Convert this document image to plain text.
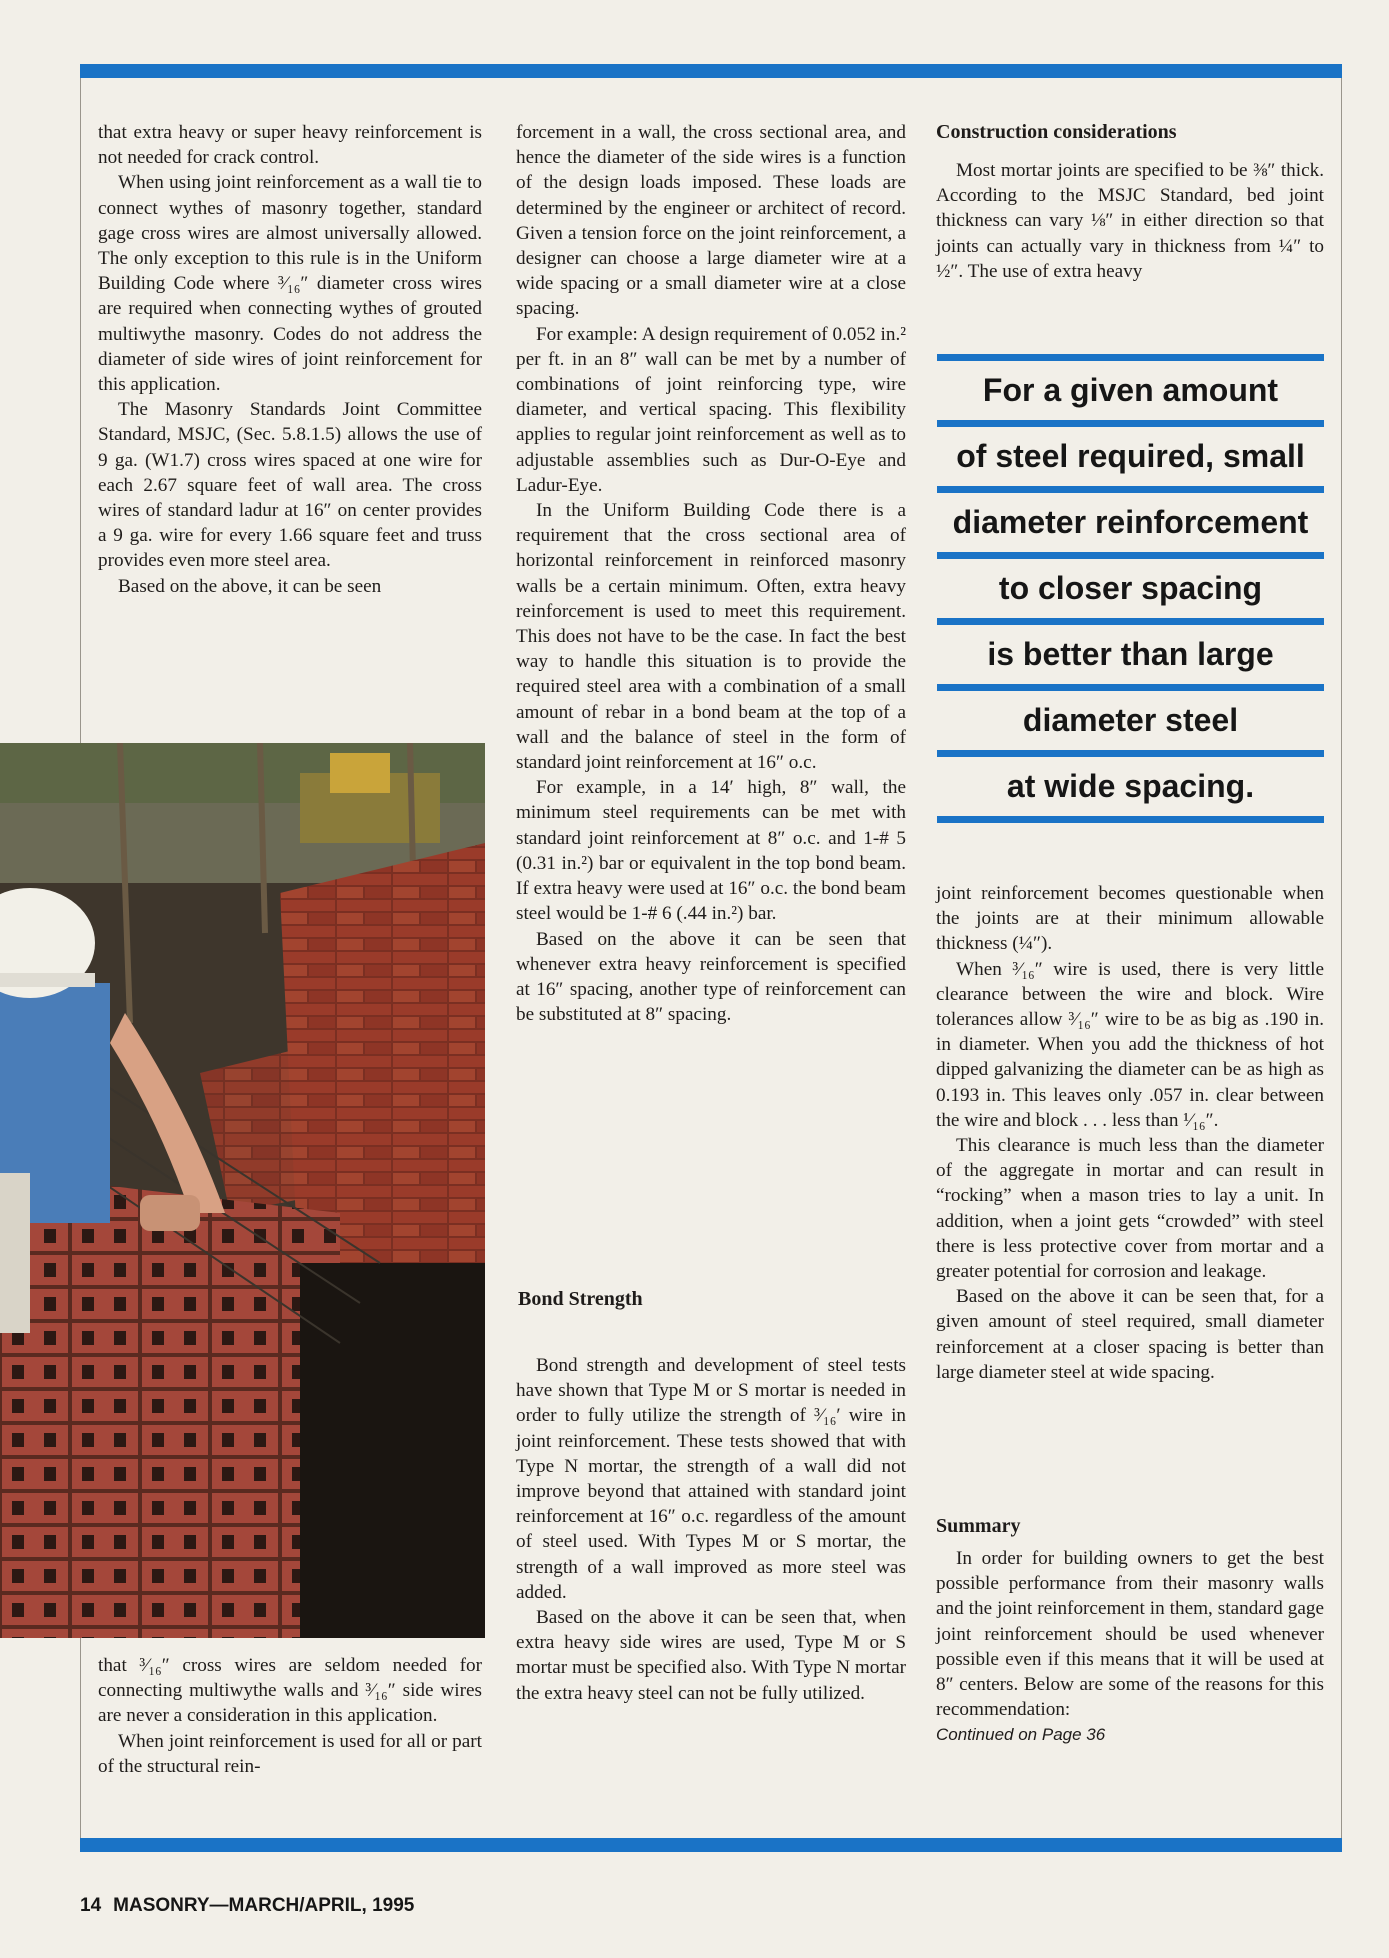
that extra heavy or super heavy reinforcement is not needed for crack control.

When using joint reinforcement as a wall tie to connect wythes of masonry together, standard gage cross wires are almost universally allowed. The only exception to this rule is in the Uniform Building Code where ³⁄₁₆″ diameter cross wires are required when connecting wythes of grouted multiwythe masonry. Codes do not address the diameter of side wires of joint reinforcement for this application.

The Masonry Standards Joint Committee Standard, MSJC, (Sec. 5.8.1.5) allows the use of 9 ga. (W1.7) cross wires spaced at one wire for each 2.67 square feet of wall area. The cross wires of standard ladur at 16″ on center provides a 9 ga. wire for every 1.66 square feet and truss provides even more steel area.

Based on the above, it can be seen

that ³⁄₁₆″ cross wires are seldom needed for connecting multiwythe walls and ³⁄₁₆″ side wires are never a consideration in this application.

When joint reinforcement is used for all or part of the structural rein-

forcement in a wall, the cross sectional area, and hence the diameter of the side wires is a function of the design loads imposed. These loads are determined by the engineer or architect of record. Given a tension force on the joint reinforcement, a designer can choose a large diameter wire at a wide spacing or a small diameter wire at a close spacing.

For example: A design requirement of 0.052 in.² per ft. in an 8″ wall can be met by a number of combinations of joint reinforcing type, wire diameter, and vertical spacing. This flexibility applies to regular joint reinforcement as well as to adjustable assemblies such as Dur-O-Eye and Ladur-Eye.

In the Uniform Building Code there is a requirement that the cross sectional area of horizontal reinforcement in reinforced masonry walls be a certain minimum. Often, extra heavy reinforcement is used to meet this requirement. This does not have to be the case. In fact the best way to handle this situation is to provide the required steel area with a combination of a small amount of rebar in a bond beam at the top of a wall and the balance of steel in the form of standard joint reinforcement at 16″ o.c.

For example, in a 14′ high, 8″ wall, the minimum steel requirements can be met with standard joint reinforcement at 8″ o.c. and 1-# 5 (0.31 in.²) bar or equivalent in the top bond beam. If extra heavy were used at 16″ o.c. the bond beam steel would be 1-# 6 (.44 in.²) bar.

Based on the above it can be seen that whenever extra heavy reinforcement is specified at 16″ spacing, another type of reinforcement can be substituted at 8″ spacing.

Bond Strength

Bond strength and development of steel tests have shown that Type M or S mortar is needed in order to fully utilize the strength of ³⁄₁₆′ wire in joint reinforcement. These tests showed that with Type N mortar, the strength of a wall did not improve beyond that attained with standard joint reinforcement at 16″ o.c. regardless of the amount of steel used. With Types M or S mortar, the strength of a wall improved as more steel was added.

Based on the above it can be seen that, when extra heavy side wires are used, Type M or S mortar must be specified also. With Type N mortar the extra heavy steel can not be fully utilized.

Construction considerations

Most mortar joints are specified to be ⅜″ thick. According to the MSJC Standard, bed joint thickness can vary ⅛″ in either direction so that joints can actually vary in thickness from ¼″ to ½″. The use of extra heavy

For a given amount
of steel required, small
diameter reinforcement
to closer spacing
is better than large
diameter steel
at wide spacing.

joint reinforcement becomes questionable when the joints are at their minimum allowable thickness (¼″).

When ³⁄₁₆″ wire is used, there is very little clearance between the wire and block. Wire tolerances allow ³⁄₁₆″ wire to be as big as .190 in. in diameter. When you add the thickness of hot dipped galvanizing the diameter can be as high as 0.193 in. This leaves only .057 in. clear between the wire and block . . . less than ¹⁄₁₆″.

This clearance is much less than the diameter of the aggregate in mortar and can result in “rocking” when a mason tries to lay a unit. In addition, when a joint gets “crowded” with steel there is less protective cover from mortar and a greater potential for corrosion and leakage.

Based on the above it can be seen that, for a given amount of steel required, small diameter reinforcement at a closer spacing is better than large diameter steel at wide spacing.

Summary

In order for building owners to get the best possible performance from their masonry walls and the joint reinforcement in them, standard gage joint reinforcement should be used whenever possible even if this means that it will be used at 8″ centers. Below are some of the reasons for this recommendation:

Continued on Page 36

14 MASONRY—MARCH/APRIL, 1995
